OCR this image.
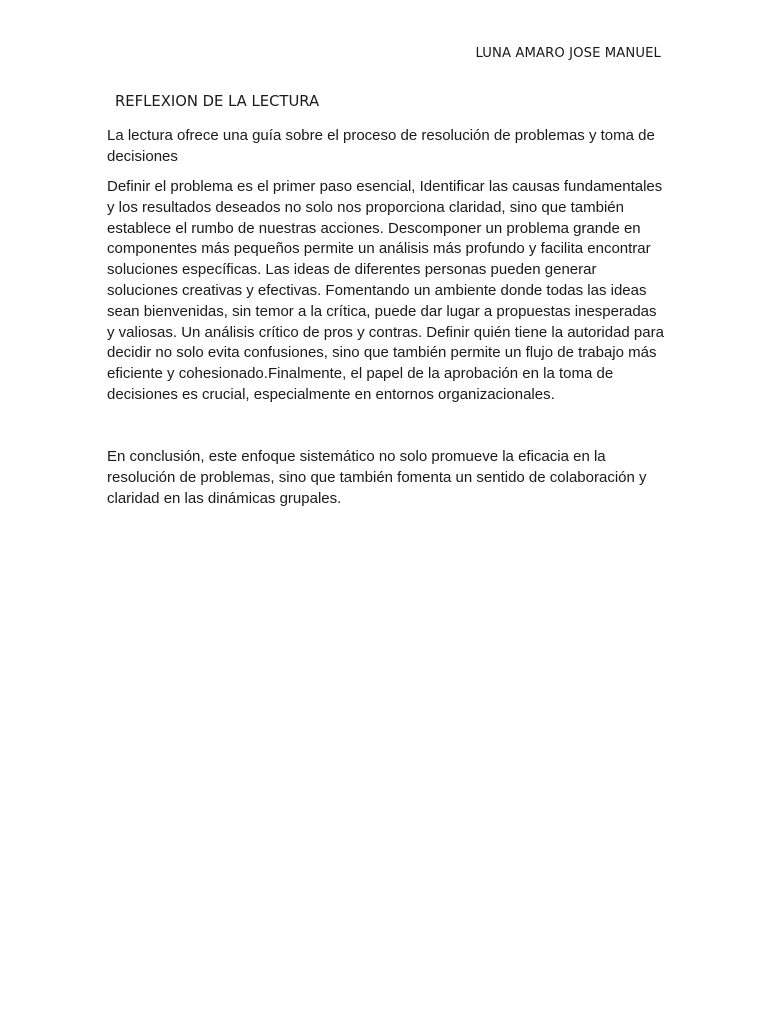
LUNA AMARO JOSE MANUEL
REFLEXION DE LA LECTURA

La lectura ofrece una guía sobre el proceso de resolución de problemas y toma de decisiones

Definir el problema es el primer paso esencial, Identificar las causas fundamentales y los resultados deseados no solo nos proporciona claridad, sino que también establece el rumbo de nuestras acciones. Descomponer un problema grande en componentes más pequeños permite un análisis más profundo y facilita encontrar soluciones específicas. Las ideas de diferentes personas pueden generar soluciones creativas y efectivas. Fomentando un ambiente donde todas las ideas sean bienvenidas, sin temor a la crítica, puede dar lugar a propuestas inesperadas y valiosas. Un análisis crítico de pros y contras. Definir quién tiene la autoridad para decidir no solo evita confusiones, sino que también permite un flujo de trabajo más eficiente y cohesionado.Finalmente, el papel de la aprobación en la toma de decisiones es crucial, especialmente en entornos organizacionales.

En conclusión, este enfoque sistemático no solo promueve la eficacia en la resolución de problemas, sino que también fomenta un sentido de colaboración y claridad en las dinámicas grupales.
